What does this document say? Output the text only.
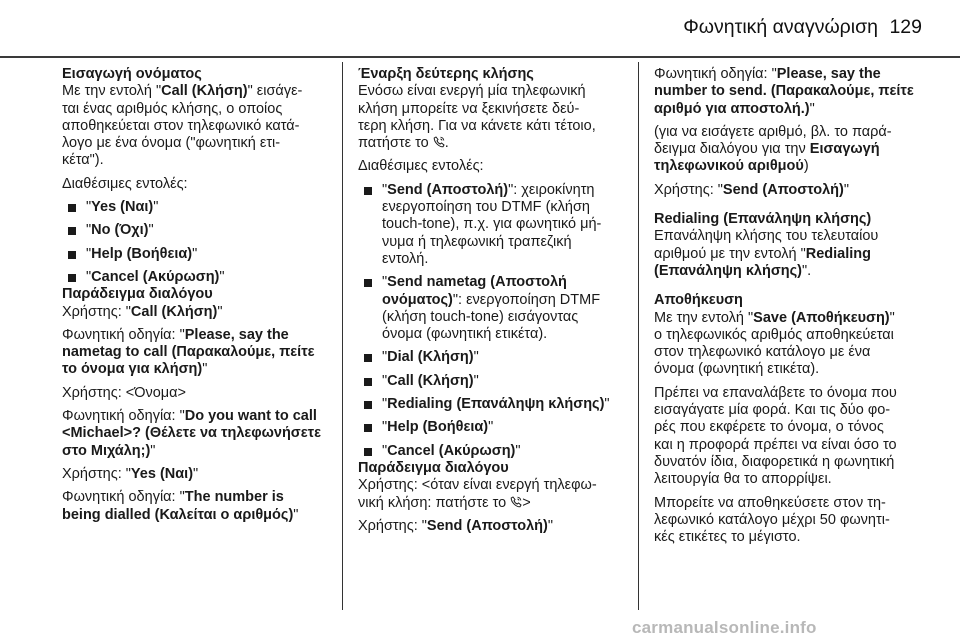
Φωνητική αναγνώριση 129

Εισαγωγή ονόματος

Με την εντολή "Call (Κλήση)" εισάγε-
ται ένας αριθμός κλήσης, ο οποίος
αποθηκεύεται στον τηλεφωνικό κατά-
λογο με ένα όνομα ("φωνητική ετι-
κέτα").

Διαθέσιμες εντολές:

"Yes (Ναι)"
"No (Όχι)"
"Help (Βοήθεια)"
"Cancel (Ακύρωση)"

Παράδειγμα διαλόγου

Χρήστης: "Call (Κλήση)"

Φωνητική οδηγία: "Please, say the
nametag to call (Παρακαλούμε, πείτε
το όνομα για κλήση)"

Χρήστης: <Όνομα>

Φωνητική οδηγία: "Do you want to call
<Michael>? (Θέλετε να τηλεφωνήσετε
στο Μιχάλη;)"

Χρήστης: "Yes (Ναι)"

Φωνητική οδηγία: "The number is
being dialled (Καλείται ο αριθμός)"

Έναρξη δεύτερης κλήσης

Ενόσω είναι ενεργή μία τηλεφωνική
κλήση μπορείτε να ξεκινήσετε δεύ-
τερη κλήση. Για να κάνετε κάτι τέτοιο,
πατήστε το .

Διαθέσιμες εντολές:

"Send (Αποστολή)": χειροκίνητη
ενεργοποίηση του DTMF (κλήση
touch-tone), π.χ. για φωνητικό μή-
νυμα ή τηλεφωνική τραπεζική
εντολή.
"Send nametag (Αποστολή
ονόματος)": ενεργοποίηση DTMF
(κλήση touch-tone) εισάγοντας
όνομα (φωνητική ετικέτα).
"Dial (Κλήση)"
"Call (Κλήση)"
"Redialing (Επανάληψη κλήσης)"
"Help (Βοήθεια)"
"Cancel (Ακύρωση)"

Παράδειγμα διαλόγου

Χρήστης: <όταν είναι ενεργή τηλεφω-
νική κλήση: πατήστε το >

Χρήστης: "Send (Αποστολή)"

Φωνητική οδηγία: "Please, say the
number to send. (Παρακαλούμε, πείτε
αριθμό για αποστολή.)"

(για να εισάγετε αριθμό, βλ. το παρά-
δειγμα διαλόγου για την Εισαγωγή
τηλεφωνικού αριθμού)

Χρήστης: "Send (Αποστολή)"

Redialing (Επανάληψη κλήσης)

Επανάληψη κλήσης του τελευταίου
αριθμού με την εντολή "Redialing
(Επανάληψη κλήσης)".

Αποθήκευση

Με την εντολή "Save (Αποθήκευση)"
ο τηλεφωνικός αριθμός αποθηκεύεται
στον τηλεφωνικό κατάλογο με ένα
όνομα (φωνητική ετικέτα).

Πρέπει να επαναλάβετε το όνομα που
εισαγάγατε μία φορά. Και τις δύο φο-
ρές που εκφέρετε το όνομα, ο τόνος
και η προφορά πρέπει να είναι όσο το
δυνατόν ίδια, διαφορετικά η φωνητική
λειτουργία θα το απορρίψει.

Μπορείτε να αποθηκεύσετε στον τη-
λεφωνικό κατάλογο μέχρι 50 φωνητι-
κές ετικέτες το μέγιστο.

carmanualsonline.info
